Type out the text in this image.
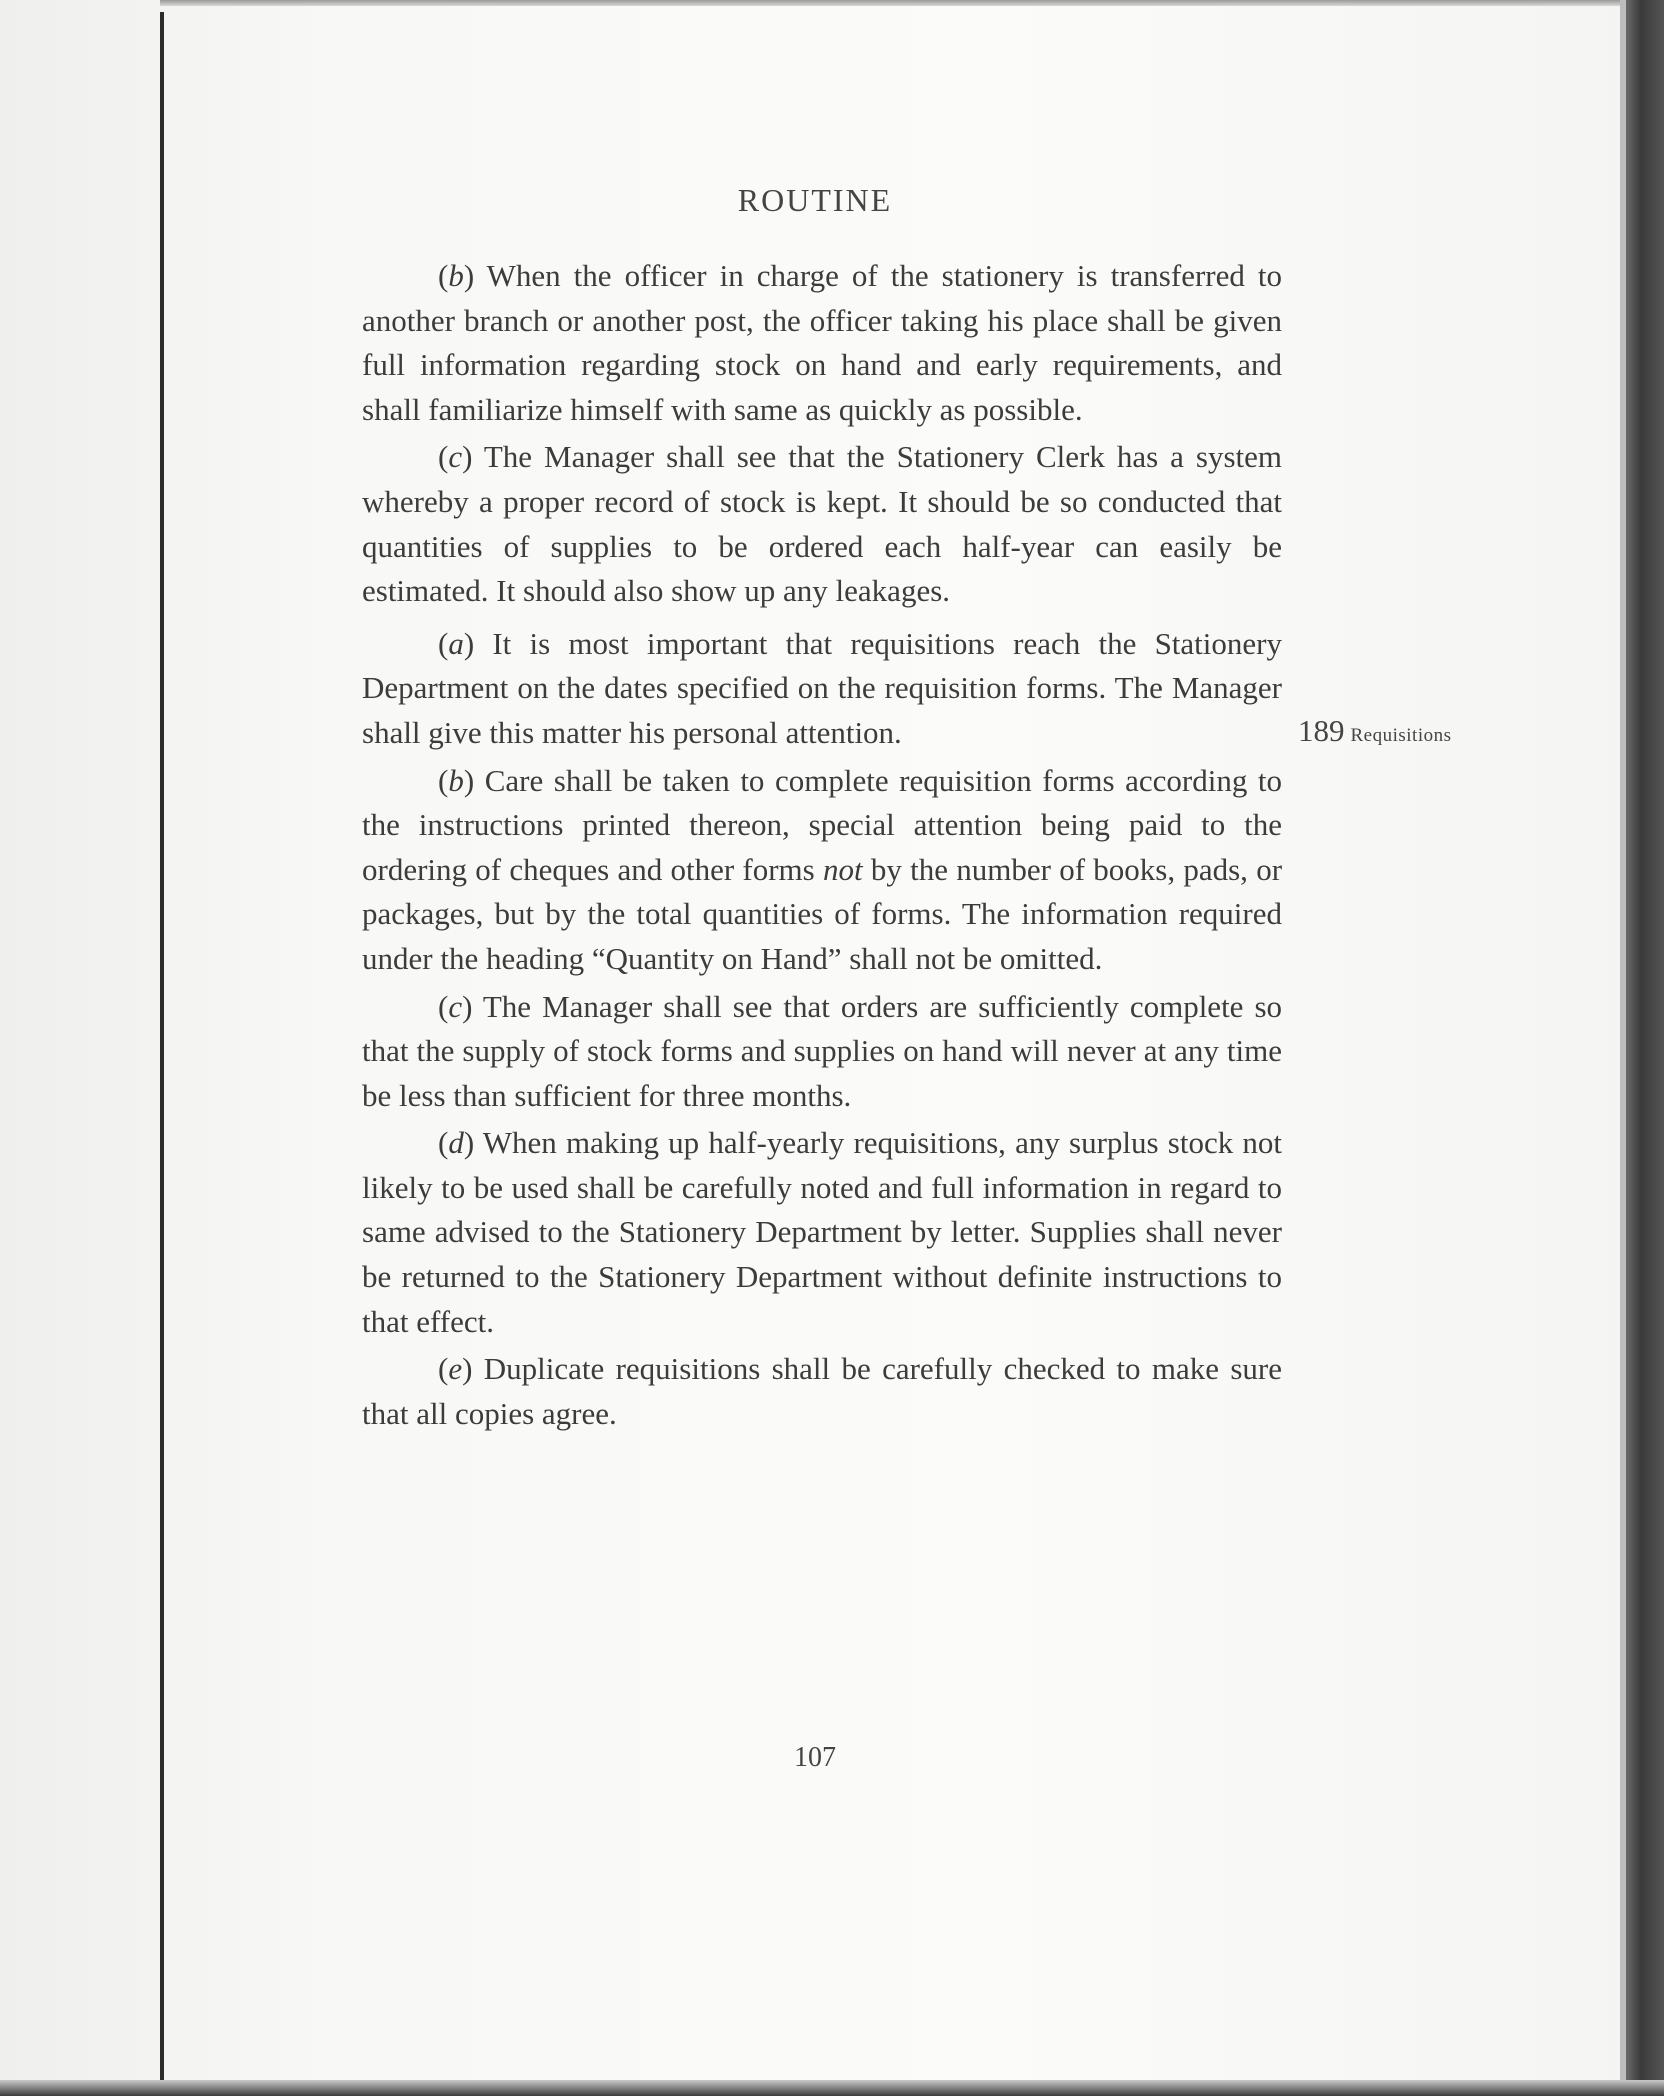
ROUTINE

(b) When the officer in charge of the stationery is transferred to another branch or another post, the officer taking his place shall be given full information regarding stock on hand and early requirements, and shall familiarize himself with same as quickly as possible.

(c) The Manager shall see that the Stationery Clerk has a system whereby a proper record of stock is kept. It should be so conducted that quantities of supplies to be ordered each half-year can easily be estimated. It should also show up any leakages.

(a) It is most important that requisitions reach the Stationery Department on the dates specified on the requisition forms. The Manager shall give this matter his personal attention.

(b) Care shall be taken to complete requisition forms according to the instructions printed thereon, special attention being paid to the ordering of cheques and other forms not by the number of books, pads, or packages, but by the total quantities of forms. The information required under the heading “Quantity on Hand” shall not be omitted.

(c) The Manager shall see that orders are sufficiently complete so that the supply of stock forms and supplies on hand will never at any time be less than sufficient for three months.

(d) When making up half-yearly requisitions, any surplus stock not likely to be used shall be carefully noted and full information in regard to same advised to the Stationery Department by letter. Supplies shall never be returned to the Stationery Department without definite instructions to that effect.

(e) Duplicate requisitions shall be carefully checked to make sure that all copies agree.

189 Requisitions
107
